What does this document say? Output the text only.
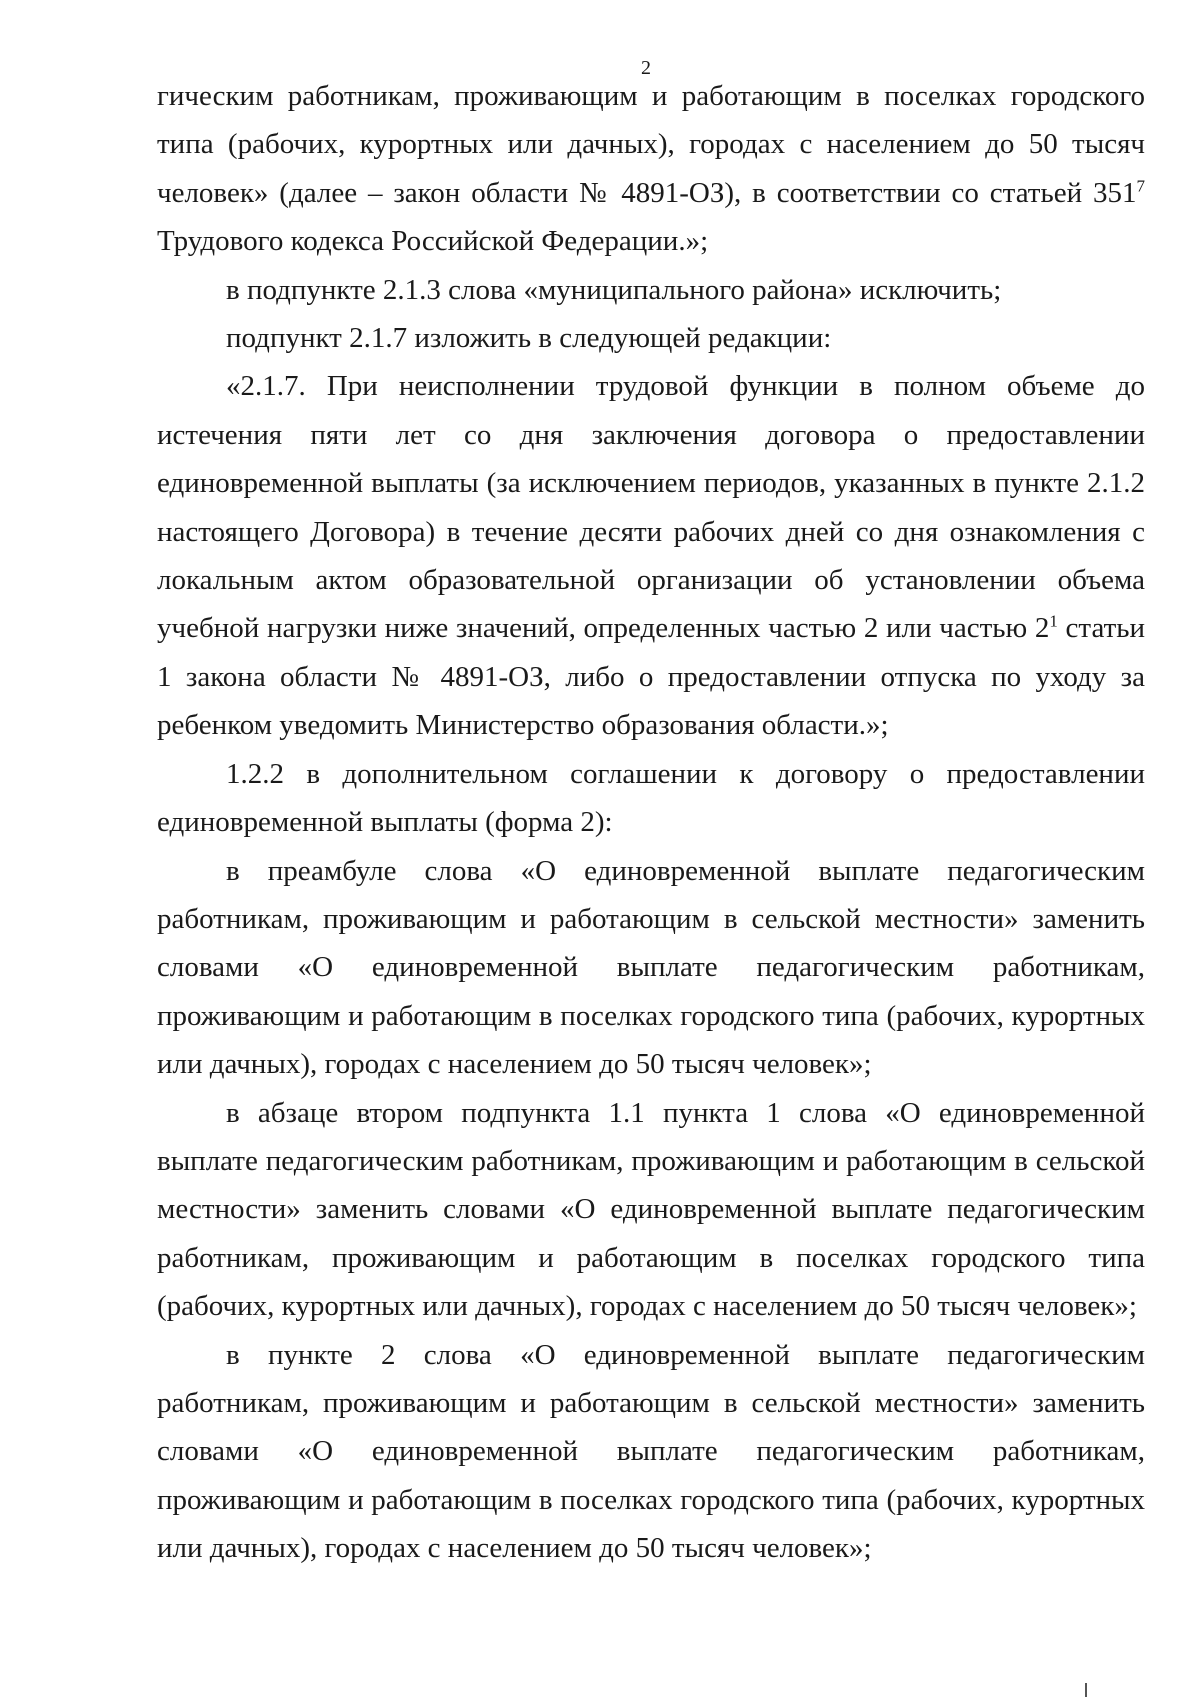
2

гическим работникам, проживающим и работающим в поселках городского типа (рабочих, курортных или дачных), городах с населением до 50 тысяч человек» (далее – закон области № 4891-ОЗ), в соответствии со статьей $351^7$ Трудового кодекса Российской Федерации.»;

в подпункте 2.1.3 слова «муниципального района» исключить;

подпункт 2.1.7 изложить в следующей редакции:

«2.1.7. При неисполнении трудовой функции в полном объеме до истечения пяти лет со дня заключения договора о предоставлении единовременной выплаты (за исключением периодов, указанных в пункте 2.1.2 настоящего Договора) в течение десяти рабочих дней со дня ознакомления с локальным актом образовательной организации об установлении объема учебной нагрузки ниже значений, определенных частью 2 или частью $2^1$ статьи 1 закона области № 4891-ОЗ, либо о предоставлении отпуска по уходу за ребенком уведомить Министерство образования области.»;

1.2.2 в дополнительном соглашении к договору о предоставлении единовременной выплаты (форма 2):

в преамбуле слова «О единовременной выплате педагогическим работникам, проживающим и работающим в сельской местности» заменить словами «О единовременной выплате педагогическим работникам, проживающим и работающим в поселках городского типа (рабочих, курортных или дачных), городах с населением до 50 тысяч человек»;

в абзаце втором подпункта 1.1 пункта 1 слова «О единовременной выплате педагогическим работникам, проживающим и работающим в сельской местности» заменить словами «О единовременной выплате педагогическим работникам, проживающим и работающим в поселках городского типа (рабочих, курортных или дачных), городах с населением до 50 тысяч человек»;

в пункте 2 слова «О единовременной выплате педагогическим работникам, проживающим и работающим в сельской местности» заменить словами «О единовременной выплате педагогическим работникам, проживающим и работающим в поселках городского типа (рабочих, курортных или дачных), городах с населением до 50 тысяч человек»;
